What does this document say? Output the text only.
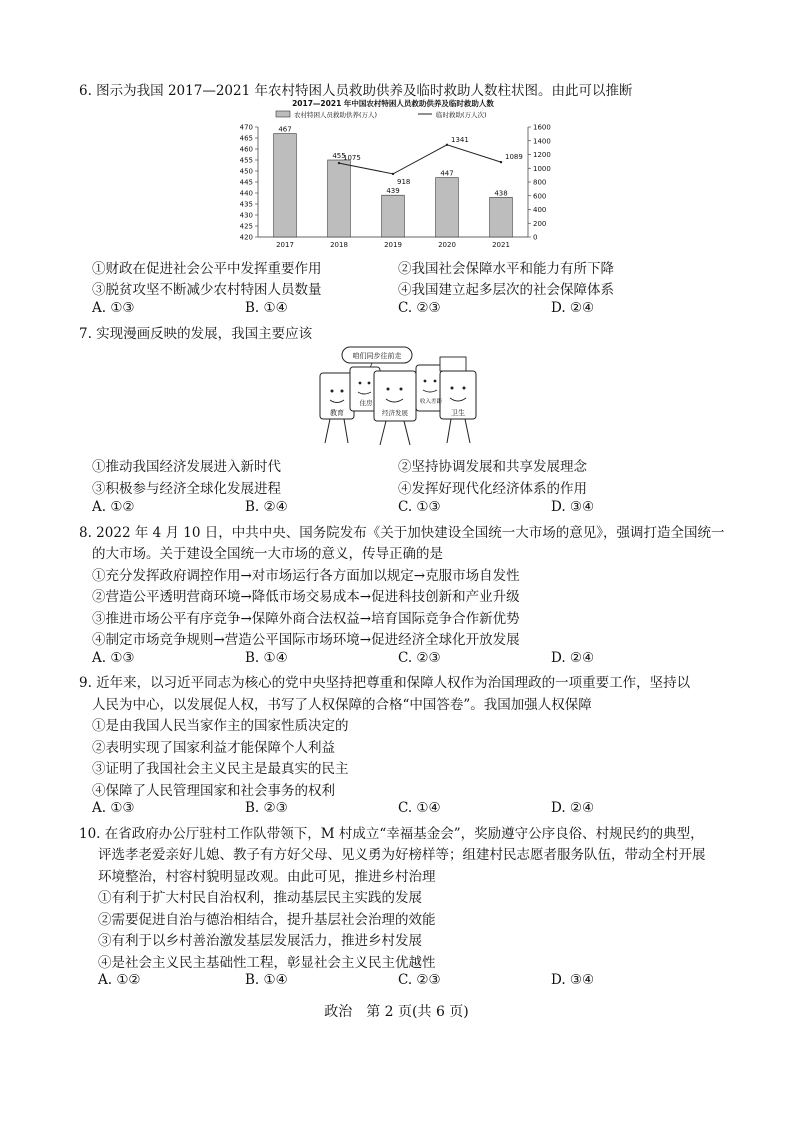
6. 图示为我国 2017—2021 年农村特困人员救助供养及临时救助人数柱状图。由此可以推断
2017—2021 年中国农村特困人员救助供养及临时救助人数
农村特困人员救助供养(万人)	临时救助(万人次)
470
465
460
455
450
445
440
435
430
425
420
1600
1400
1200
1000
800
600
400
200
0
467
455
439
447
438
1075
918
1341
1089
2017	2018	2019	2020	2021
①财政在促进社会公平中发挥重要作用	②我国社会保障水平和能力有所下降
③脱贫攻坚不断减少农村特困人员数量	④我国建立起多层次的社会保障体系
A. ①③	B. ①④	C. ②③	D. ②④
7. 实现漫画反映的发展，我国主要应该
咱们同步往前走
教育
住房
经济发展
收入差距
卫生
①推动我国经济发展进入新时代	②坚持协调发展和共享发展理念
③积极参与经济全球化发展进程	④发挥好现代化经济体系的作用
A. ①②	B. ②④	C. ①③	D. ③④
8. 2022 年 4 月 10 日，中共中央、国务院发布《关于加快建设全国统一大市场的意见》，强调打造全国统一
的大市场。关于建设全国统一大市场的意义，传导正确的是
①充分发挥政府调控作用→对市场运行各方面加以规定→克服市场自发性
②营造公平透明营商环境→降低市场交易成本→促进科技创新和产业升级
③推进市场公平有序竞争→保障外商合法权益→培育国际竞争合作新优势
④制定市场竞争规则→营造公平国际市场环境→促进经济全球化开放发展
A. ①③	B. ①④	C. ②③	D. ②④
9. 近年来，以习近平同志为核心的党中央坚持把尊重和保障人权作为治国理政的一项重要工作，坚持以
人民为中心，以发展促人权，书写了人权保障的合格“中国答卷”。我国加强人权保障
①是由我国人民当家作主的国家性质决定的
②表明实现了国家利益才能保障个人利益
③证明了我国社会主义民主是最真实的民主
④保障了人民管理国家和社会事务的权利
A. ①③	B. ②③	C. ①④	D. ②④
10. 在省政府办公厅驻村工作队带领下，M 村成立“幸福基金会”，奖励遵守公序良俗、村规民约的典型，
评选孝老爱亲好儿媳、教子有方好父母、见义勇为好榜样等；组建村民志愿者服务队伍，带动全村开展
环境整治，村容村貌明显改观。由此可见，推进乡村治理
①有利于扩大村民自治权利，推动基层民主实践的发展
②需要促进自治与德治相结合，提升基层社会治理的效能
③有利于以乡村善治激发基层发展活力，推进乡村发展
④是社会主义民主基础性工程，彰显社会主义民主优越性
A. ①②	B. ①④	C. ②③	D. ③④
政治　第 2 页(共 6 页)
